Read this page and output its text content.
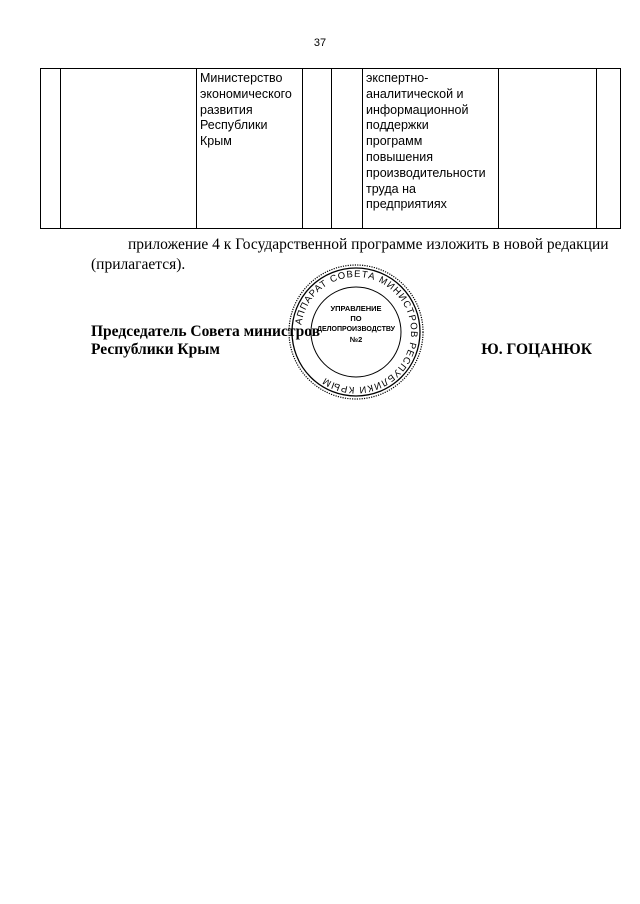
37

Министерство
экономического
развития
Республики
Крым

экспертно-
аналитической и
информационной
поддержки
программ
повышения
производительности
труда на
предприятиях

приложение 4 к Государственной программе изложить в новой редакции
(прилагается).
Председатель Совета министров
Республики Крым	Ю. ГОЦАНЮК
АППАРАТ СОВЕТА МИНИСТРОВ РЕСПУБЛИКИ КРЫМ
УПРАВЛЕНИЕ
ПО
ДЕЛОПРОИЗВОДСТВУ
№2
